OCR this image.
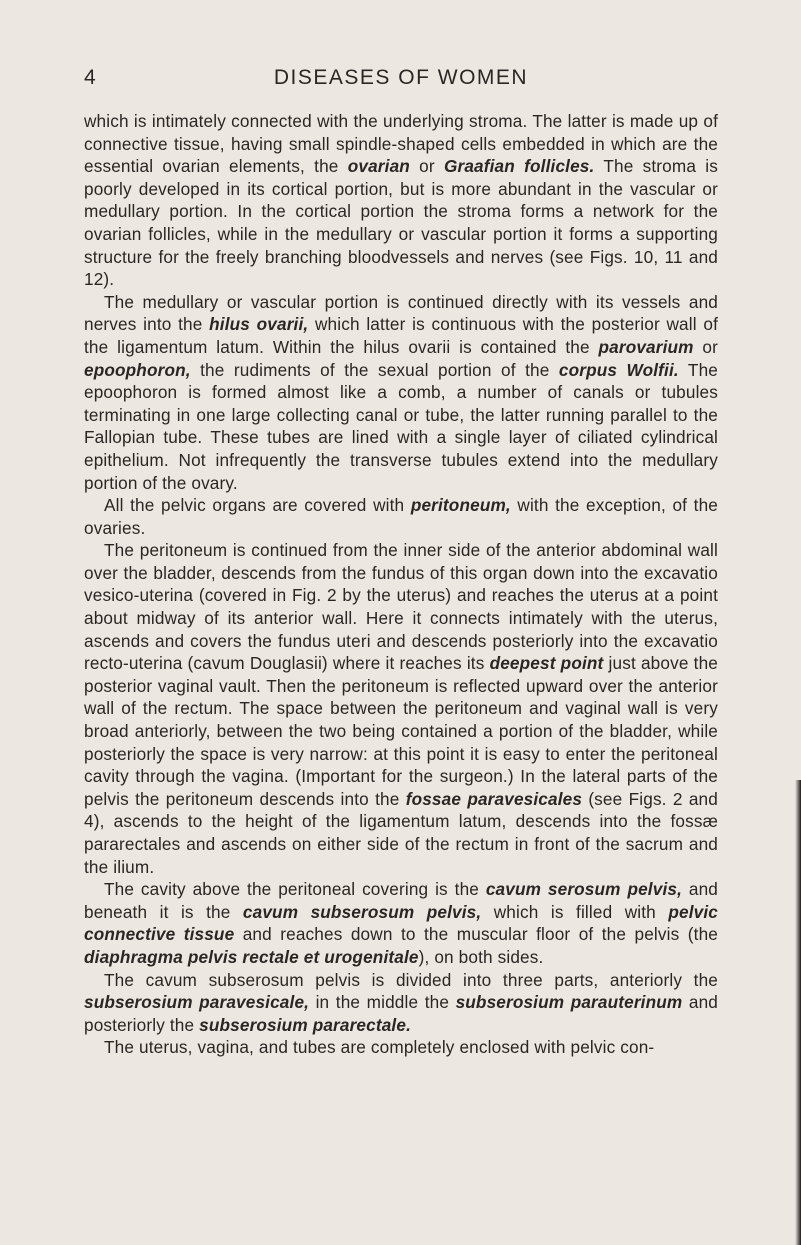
4	DISEASES OF WOMEN

which is intimately connected with the underlying stroma. The latter is made up of connective tissue, having small spindle-shaped cells embedded in which are the essential ovarian elements, the ovarian or Graafian follicles. The stroma is poorly developed in its cortical portion, but is more abundant in the vascular or medullary portion. In the cortical portion the stroma forms a network for the ovarian follicles, while in the medullary or vascular portion it forms a supporting structure for the freely branching bloodvessels and nerves (see Figs. 10, 11 and 12).

The medullary or vascular portion is continued directly with its vessels and nerves into the hilus ovarii, which latter is continuous with the posterior wall of the ligamentum latum. Within the hilus ovarii is contained the parovarium or epoophoron, the rudiments of the sexual portion of the corpus Wolfii. The epoophoron is formed almost like a comb, a number of canals or tubules terminating in one large collecting canal or tube, the latter running parallel to the Fallopian tube. These tubes are lined with a single layer of ciliated cylindrical epithelium. Not infrequently the transverse tubules extend into the medullary portion of the ovary.

All the pelvic organs are covered with peritoneum, with the exception, of the ovaries.

The peritoneum is continued from the inner side of the anterior abdominal wall over the bladder, descends from the fundus of this organ down into the excavatio vesico-uterina (covered in Fig. 2 by the uterus) and reaches the uterus at a point about midway of its anterior wall. Here it connects intimately with the uterus, ascends and covers the fundus uteri and descends posteriorly into the excavatio recto-uterina (cavum Douglasii) where it reaches its deepest point just above the posterior vaginal vault. Then the peritoneum is reflected upward over the anterior wall of the rectum. The space between the peritoneum and vaginal wall is very broad anteriorly, between the two being contained a portion of the bladder, while posteriorly the space is very narrow: at this point it is easy to enter the peritoneal cavity through the vagina. (Important for the surgeon.) In the lateral parts of the pelvis the peritoneum descends into the fossae paravesicales (see Figs. 2 and 4), ascends to the height of the ligamentum latum, descends into the fossæ pararectales and ascends on either side of the rectum in front of the sacrum and the ilium.

The cavity above the peritoneal covering is the cavum serosum pelvis, and beneath it is the cavum subserosum pelvis, which is filled with pelvic connective tissue and reaches down to the muscular floor of the pelvis (the diaphragma pelvis rectale et urogenitale), on both sides.

The cavum subserosum pelvis is divided into three parts, anteriorly the subserosium paravesicale, in the middle the subserosium parauterinum and posteriorly the subserosium pararectale.

The uterus, vagina, and tubes are completely enclosed with pelvic con-
